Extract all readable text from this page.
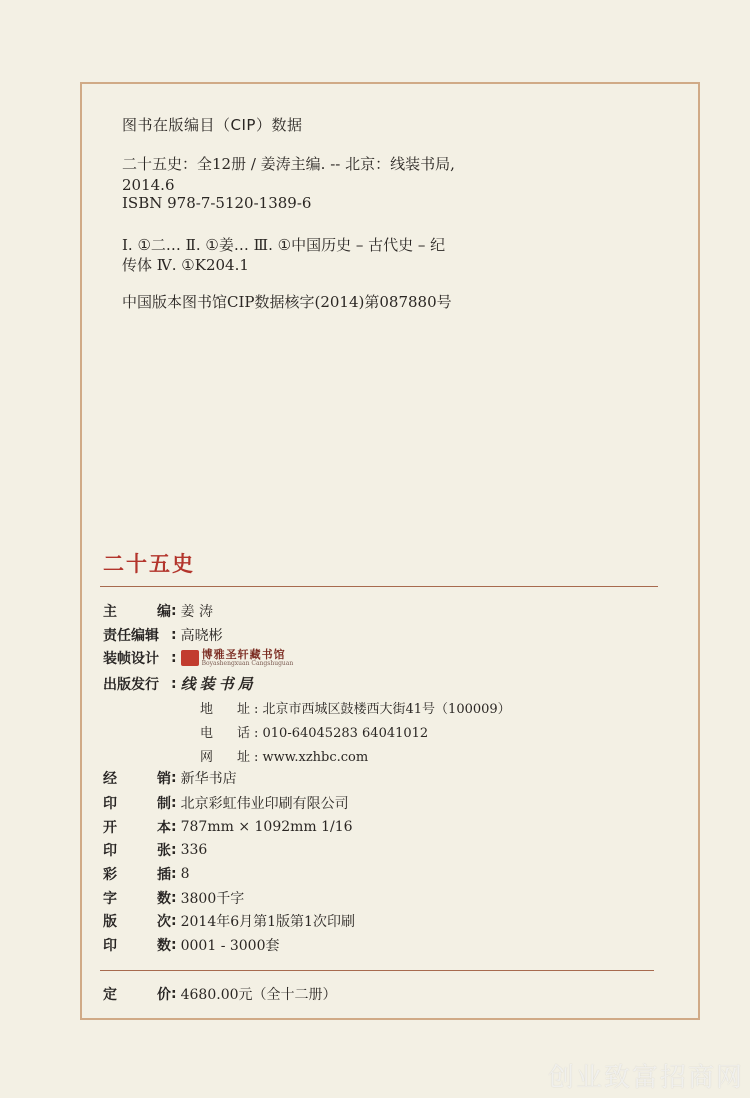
图书在版编目（CIP）数据
二十五史：全12册 / 姜涛主编. -- 北京：线装书局,
2014.6
ISBN 978-7-5120-1389-6
Ⅰ. ①二… Ⅱ. ①姜… Ⅲ. ①中国历史 – 古代史 – 纪
传体 Ⅳ. ①K204.1
中国版本图书馆CIP数据核字(2014)第087880号
二十五史
主编 : 姜 涛
责任编辑 : 高晓彬
装帧设计 : 博雅圣轩藏书馆
Boyashengxuan Cangshuguan
出版发行 : 线装书局
地址 : 北京市西城区鼓楼西大街41号（100009）
电话 : 010-64045283 64041012
网址 : www.xzhbc.com
经销 : 新华书店
印制 : 北京彩虹伟业印刷有限公司
开本 : 787mm × 1092mm 1/16
印张 : 336
彩插 : 8
字数 : 3800千字
版次 : 2014年6月第1版第1次印刷
印数 : 0001 - 3000套
定价 : 4680.00元（全十二册）
创业致富招商网
